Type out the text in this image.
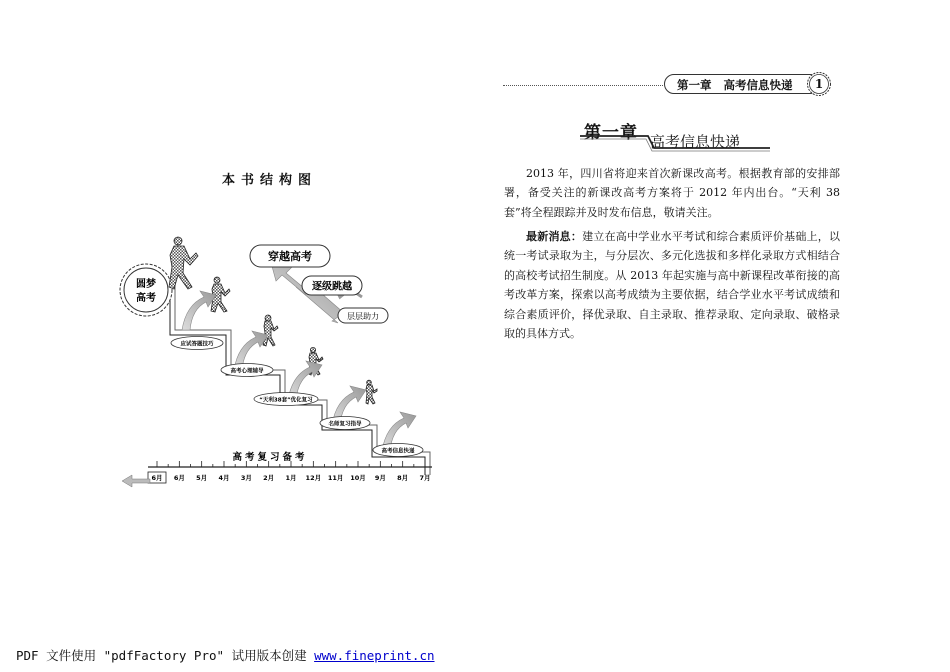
第一章 高考信息快递	1
第一章 高考信息快递
2013 年，四川省将迎来首次新课改高考。根据教育部的安排部署，备受关注的新课改高考方案将于 2012 年内出台。“天利 38 套”将全程跟踪并及时发布信息，敬请关注。
最新消息：建立在高中学业水平考试和综合素质评价基础上，以统一考试录取为主，与分层次、多元化选拔和多样化录取方式相结合的高校考试招生制度。从 2013 年起实施与高中新课程改革衔接的高考改革方案，探索以高考成绩为主要依据，结合学业水平考试成绩和综合素质评价，择优录取、自主录取、推荐录取、定向录取、破格录取的具体方式。
本书结构图
圆梦
高考
穿越高考
逐级跳越
层层助力
应试答题技巧
高考心理辅导
“天利38套”优化复习
名师复习指导
高考信息快递
高考复习备考
6月 6月 5月 4月 3月 2月 1月 12月 11月 10月 9月 8月 7月
PDF 文件使用 "pdfFactory Pro" 试用版本创建 www.fineprint.cn
